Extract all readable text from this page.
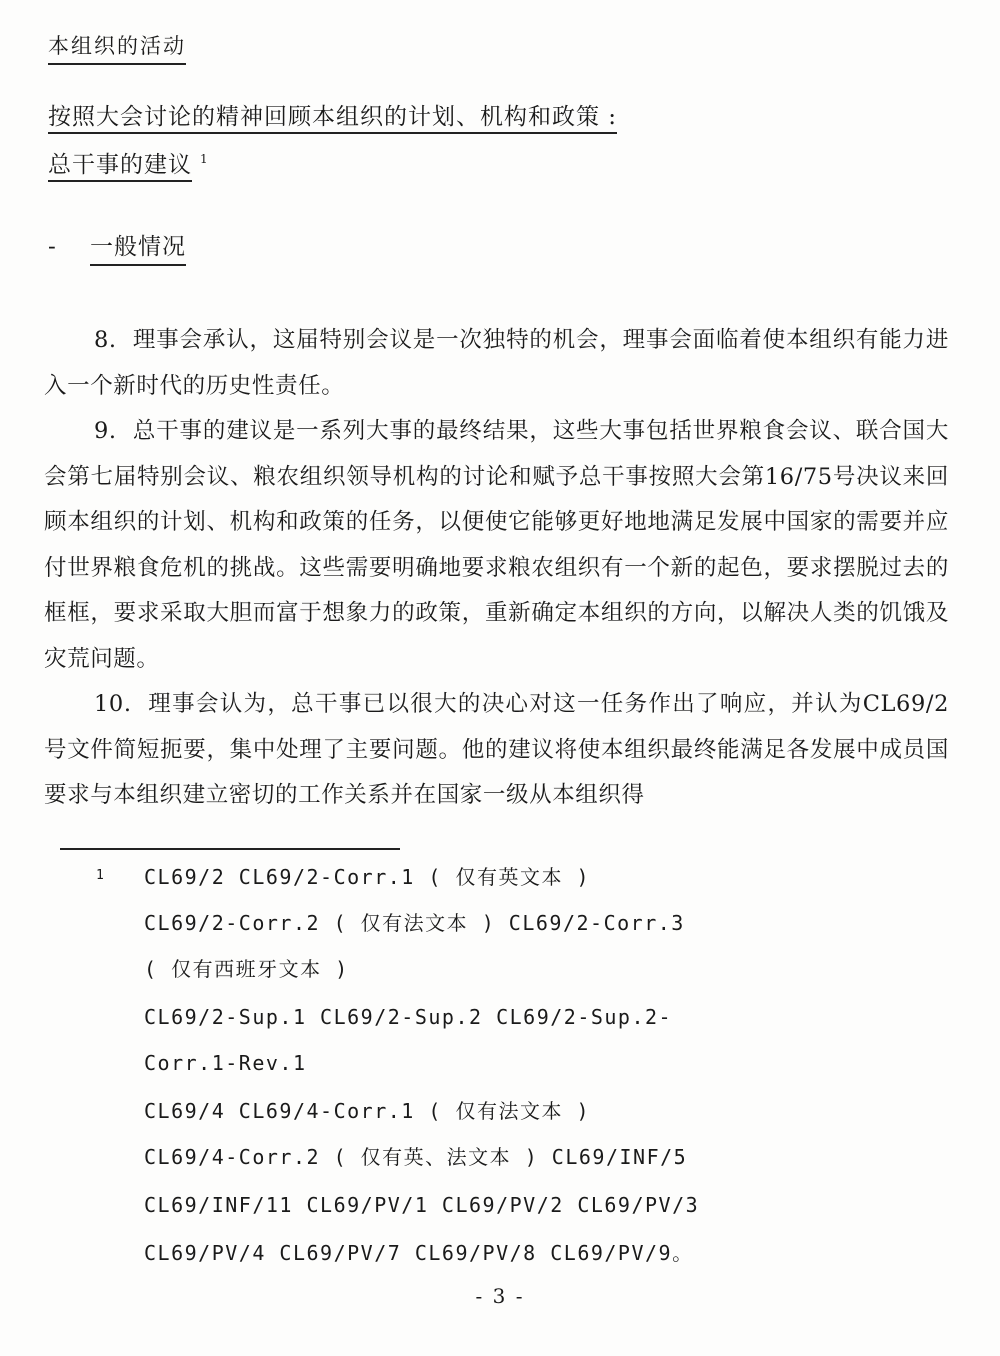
本组织的活动
按照大会讨论的精神回顾本组织的计划、机构和政策 :
总干事的建议 $^1$
- 一般情况

8. 理事会承认，这届特别会议是一次独特的机会，理事会面临着使本组织有能力进入一个新时代的历史性责任。

9. 总干事的建议是一系列大事的最终结果，这些大事包括世界粮食会议、联合国大会第七届特别会议、粮农组织领导机构的讨论和赋予总干事按照大会第16/75号决议来回顾本组织的计划、机构和政策的任务，以便使它能够更好地地满足发展中国家的需要并应付世界粮食危机的挑战。这些需要明确地要求粮农组织有一个新的起色，要求摆脱过去的框框，要求采取大胆而富于想象力的政策，重新确定本组织的方向，以解决人类的饥饿及灾荒问题。

10. 理事会认为，总干事已以很大的决心对这一任务作出了响应，并认为CL69/2号文件简短扼要，集中处理了主要问题。他的建议将使本组织最终能满足各发展中成员国要求与本组织建立密切的工作关系并在国家一级从本组织得

1 CL69/2 CL69/2-Corr.1 ( 仅有英文本 )
CL69/2-Corr.2 ( 仅有法文本 ) CL69/2-Corr.3
( 仅有西班牙文本 )
CL69/2-Sup.1 CL69/2-Sup.2 CL69/2-Sup.2-
Corr.1-Rev.1
CL69/4 CL69/4-Corr.1 ( 仅有法文本 )
CL69/4-Corr.2 ( 仅有英、法文本 ) CL69/INF/5
CL69/INF/11 CL69/PV/1 CL69/PV/2 CL69/PV/3
CL69/PV/4 CL69/PV/7 CL69/PV/8 CL69/PV/9。
- 3 -
